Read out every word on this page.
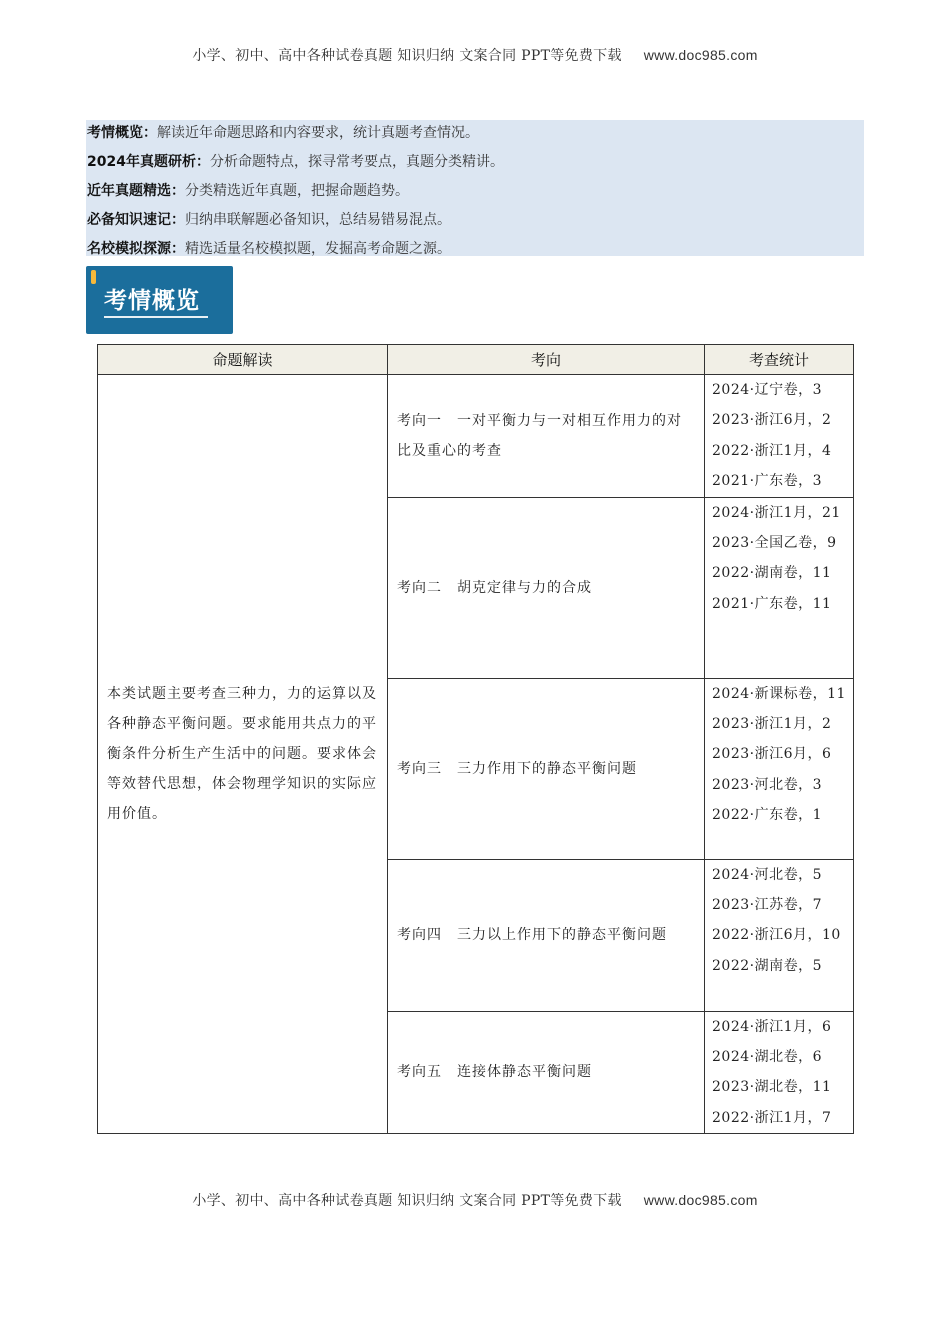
小学、初中、高中各种试卷真题 知识归纳 文案合同 PPT等免费下载 www.doc985.com
考情概览：解读近年命题思路和内容要求，统计真题考查情况。
2024年真题研析：分析命题特点，探寻常考要点，真题分类精讲。
近年真题精选：分类精选近年真题，把握命题趋势。
必备知识速记：归纳串联解题必备知识，总结易错易混点。
名校模拟探源：精选适量名校模拟题，发掘高考命题之源。
考情概览
命题解读	考向	考查统计
本类试题主要考查三种力，力的运算以及各种静态平衡问题。要求能用共点力的平衡条件分析生产生活中的问题。要求体会等效替代思想，体会物理学知识的实际应用价值。	考向一　一对平衡力与一对相互作用力的对比及重心的考查	2024·辽宁卷，3
2023·浙江6月，2
2022·浙江1月，4
2021·广东卷，3

	考向二　胡克定律与力的合成	2024·浙江1月，21
2023·全国乙卷，9
2022·湖南卷，11
2021·广东卷，11

	考向三　三力作用下的静态平衡问题	2024·新课标卷，11
2023·浙江1月，2
2023·浙江6月，6
2023·河北卷，3
2022·广东卷，1

	考向四　三力以上作用下的静态平衡问题	2024·河北卷，5
2023·江苏卷，7
2022·浙江6月，10
2022·湖南卷，5

	考向五　连接体静态平衡问题	2024·浙江1月，6
2024·湖北卷，6
2023·湖北卷，11
2022·浙江1月，7
小学、初中、高中各种试卷真题 知识归纳 文案合同 PPT等免费下载 www.doc985.com
